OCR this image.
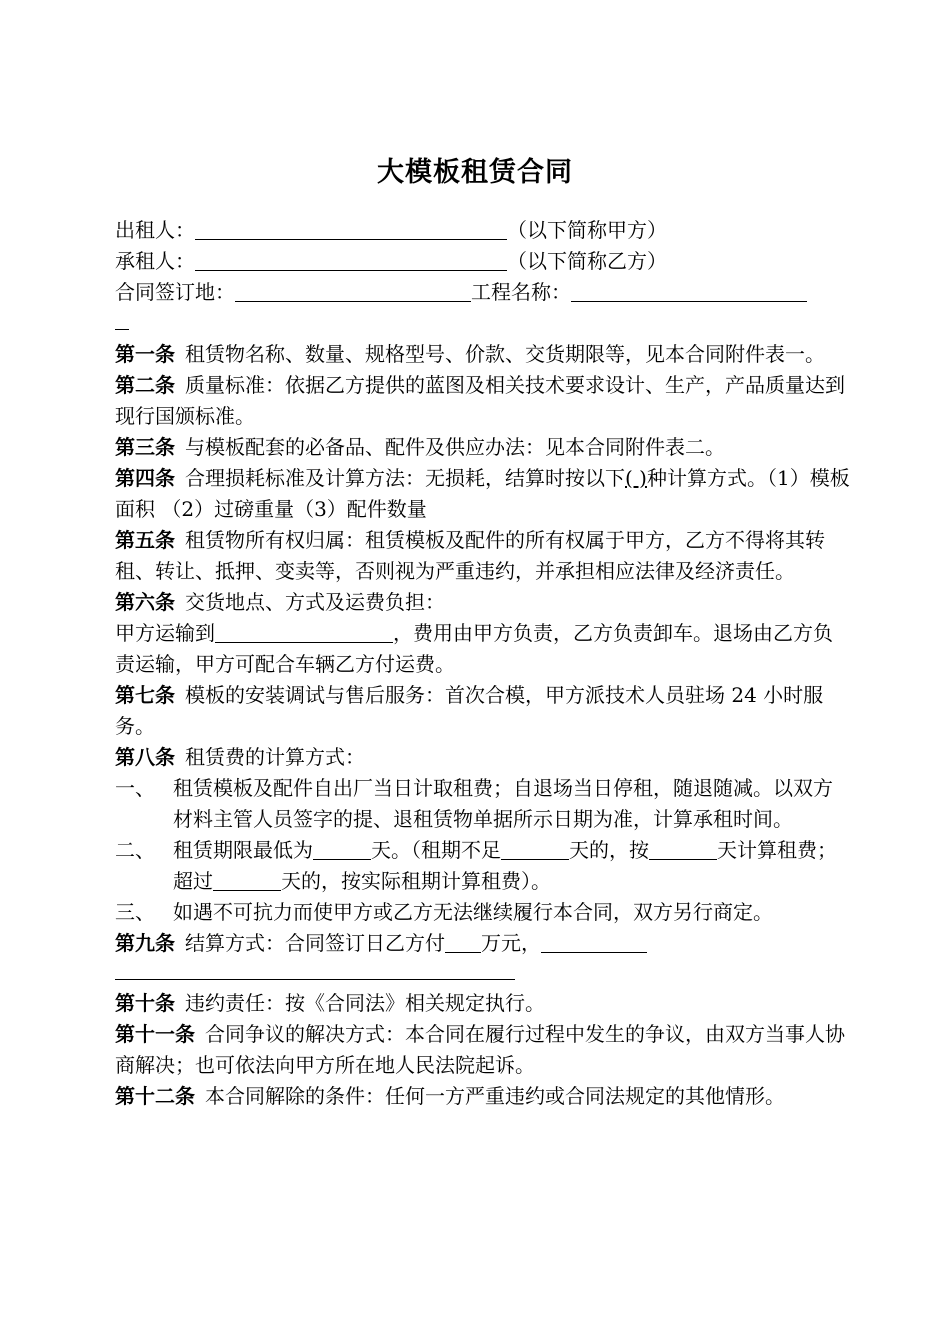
大模板租赁合同
出租人：	（以下简称甲方）
承租人：	（以下简称乙方）
合同签订地：	工程名称：

第一条 租赁物名称、数量、规格型号、价款、交货期限等，见本合同附件表一。

第二条 质量标准：依据乙方提供的蓝图及相关技术要求设计、生产，产品质量达到现行国颁标准。

第三条 与模板配套的必备品、配件及供应办法：见本合同附件表二。

第四条 合理损耗标准及计算方法：无损耗，结算时按以下( )种计算方式。（1）模板面积 （2）过磅重量（3）配件数量

第五条 租赁物所有权归属：租赁模板及配件的所有权属于甲方，乙方不得将其转租、转让、抵押、变卖等，否则视为严重违约，并承担相应法律及经济责任。

第六条 交货地点、方式及运费负担：

甲方运输到	，费用由甲方负责，乙方负责卸车。退场由乙方负责运输，甲方可配合车辆乙方付运费。

第七条 模板的安装调试与售后服务：首次合模，甲方派技术人员驻场 24 小时服务。

第八条 租赁费的计算方式：

一、 租赁模板及配件自出厂当日计取租费；自退场当日停租，随退随减。以双方材料主管人员签字的提、退租赁物单据所示日期为准，计算承租时间。
二、 租赁期限最低为	天。（租期不足	天的，按	天计算租费；超过	天的，按实际租期计算租费）。
三、 如遇不可抗力而使甲方或乙方无法继续履行本合同，双方另行商定。

第九条 结算方式：合同签订日乙方付 万元，

第十条 违约责任：按《合同法》相关规定执行。

第十一条 合同争议的解决方式：本合同在履行过程中发生的争议，由双方当事人协商解决；也可依法向甲方所在地人民法院起诉。

第十二条 本合同解除的条件：任何一方严重违约或合同法规定的其他情形。
